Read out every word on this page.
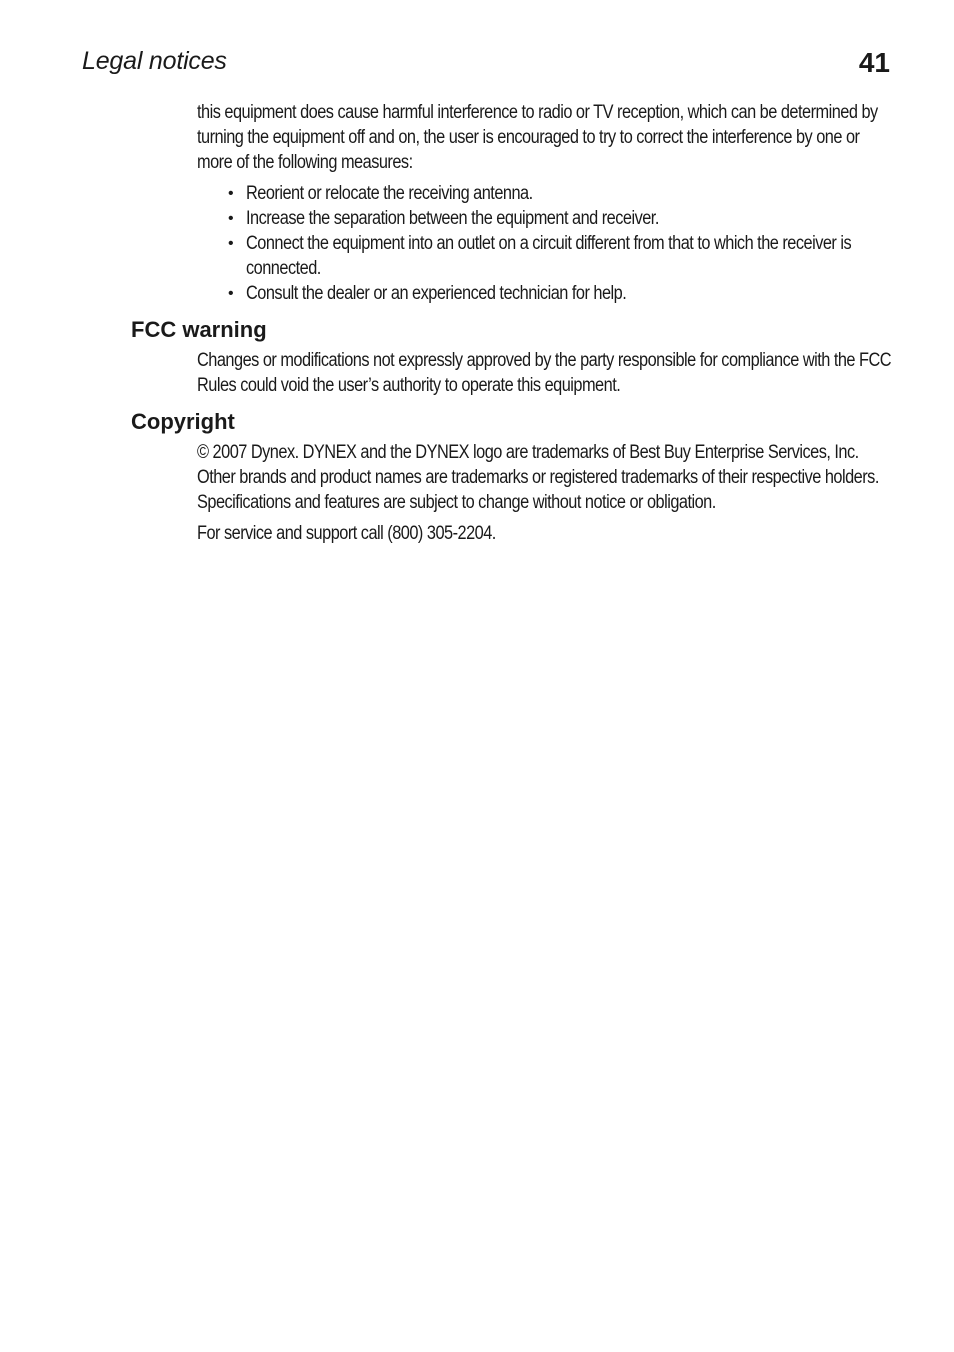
Legal notices	41

this equipment does cause harmful interference to radio or TV reception, which can be determined by turning the equipment off and on, the user is encouraged to try to correct the interference by one or more of the following measures:

• Reorient or relocate the receiving antenna.
• Increase the separation between the equipment and receiver.
• Connect the equipment into an outlet on a circuit different from that to which the receiver is connected.
• Consult the dealer or an experienced technician for help.
FCC warning

Changes or modifications not expressly approved by the party responsible for compliance with the FCC Rules could void the user’s authority to operate this equipment.

Copyright

© 2007 Dynex. DYNEX and the DYNEX logo are trademarks of Best Buy Enterprise Services, Inc. Other brands and product names are trademarks or registered trademarks of their respective holders. Specifications and features are subject to change without notice or obligation.

For service and support call (800) 305-2204.
